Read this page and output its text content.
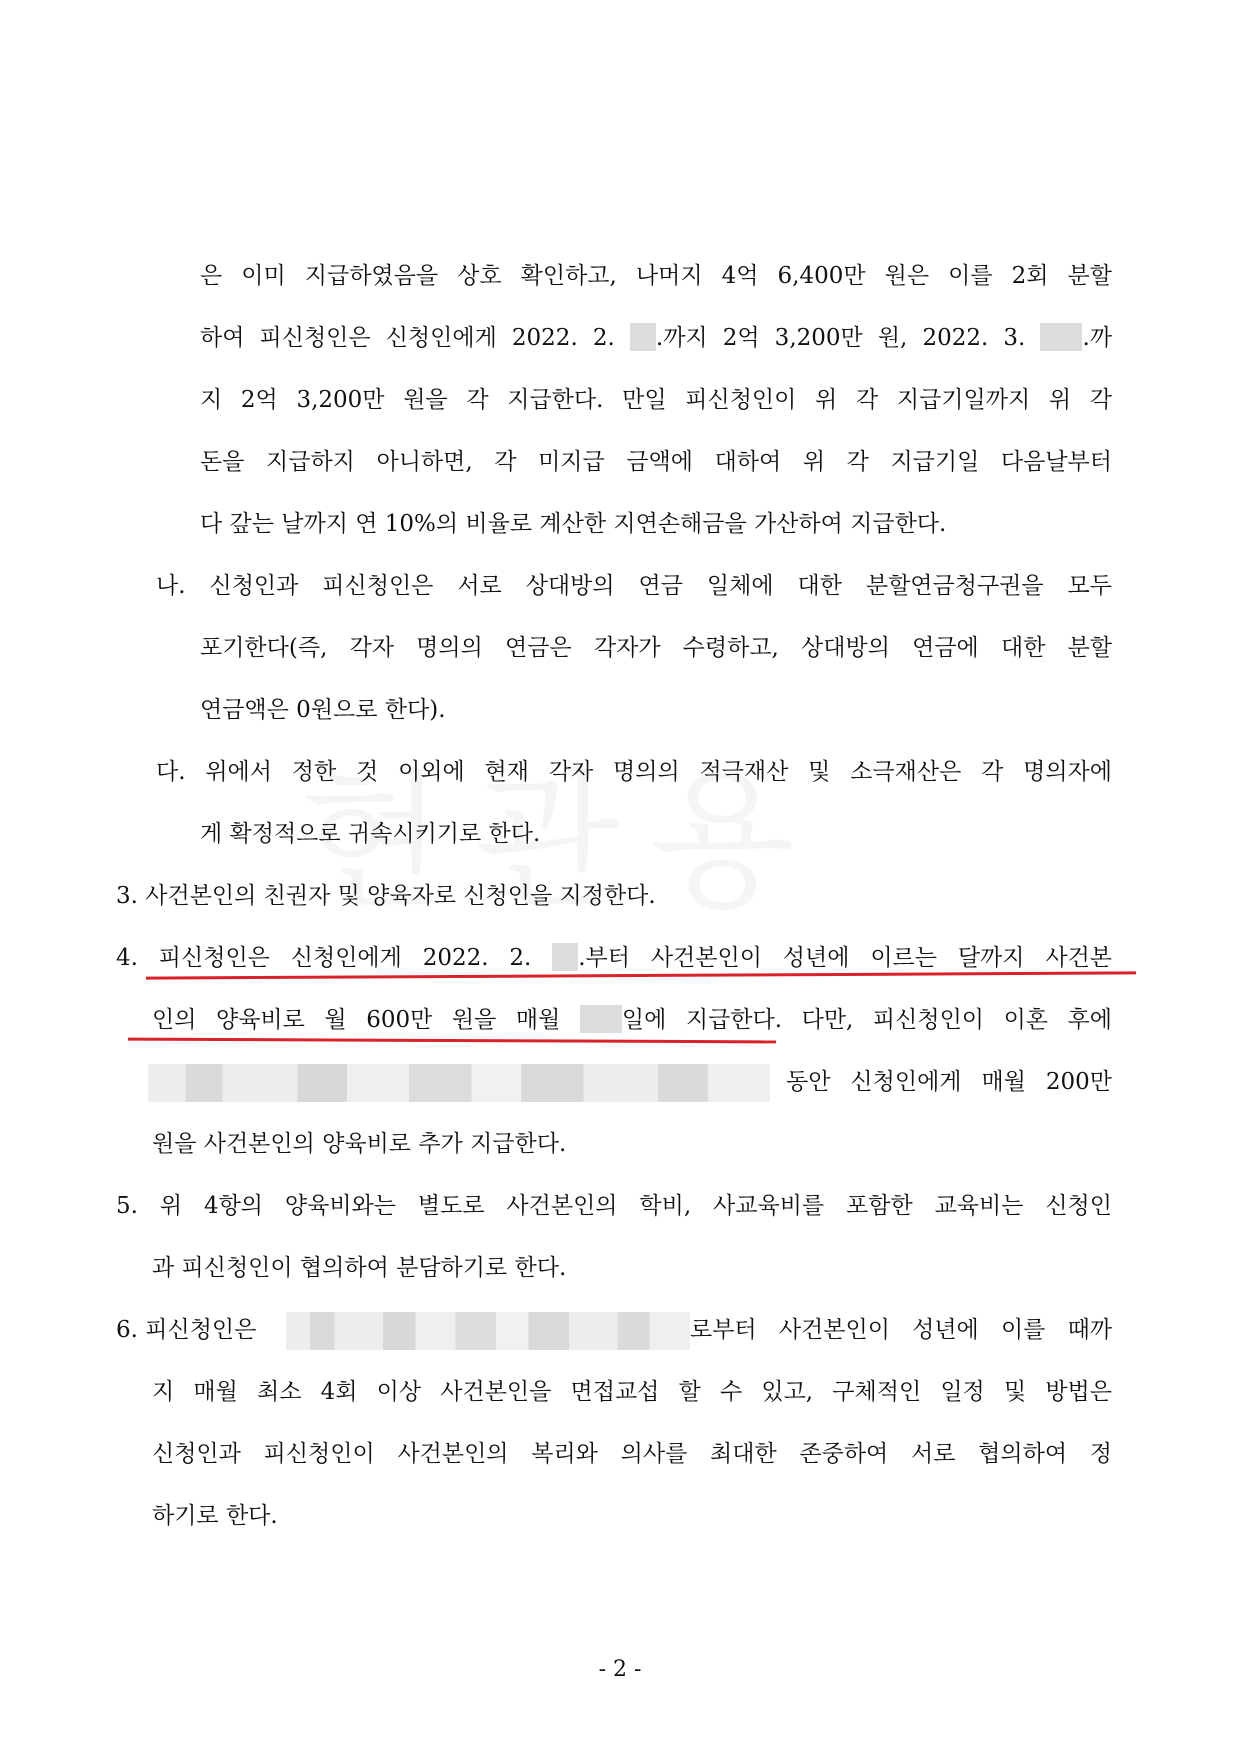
은 이미 지급하였음을 상호 확인하고, 나머지 4억 6,400만 원은 이를 2회 분할
하여 피신청인은 신청인에게 2022. 2. .까지 2억 3,200만 원, 2022. 3. .까
지 2억 3,200만 원을 각 지급한다. 만일 피신청인이 위 각 지급기일까지 위 각
돈을 지급하지 아니하면, 각 미지급 금액에 대하여 위 각 지급기일 다음날부터
다 갚는 날까지 연 10%의 비율로 계산한 지연손해금을 가산하여 지급한다.
나. 신청인과 피신청인은 서로 상대방의 연금 일체에 대한 분할연금청구권을 모두
포기한다(즉, 각자 명의의 연금은 각자가 수령하고, 상대방의 연금에 대한 분할
연금액은 0원으로 한다).
다. 위에서 정한 것 이외에 현재 각자 명의의 적극재산 및 소극재산은 각 명의자에
게 확정적으로 귀속시키기로 한다.
3. 사건본인의 친권자 및 양육자로 신청인을 지정한다.
4. 피신청인은 신청인에게 2022. 2. .부터 사건본인이 성년에 이르는 달까지 사건본
인의 양육비로 월 600만 원을 매월 일에 지급한다. 다만, 피신청인이 이혼 후에
동안 신청인에게 매월 200만
원을 사건본인의 양육비로 추가 지급한다.
5. 위 4항의 양육비와는 별도로 사건본인의 학비, 사교육비를 포함한 교육비는 신청인
과 피신청인이 협의하여 분담하기로 한다.
6. 피신청인은	로부터 사건본인이 성년에 이를 때까
지 매월 최소 4회 이상 사건본인을 면접교섭 할 수 있고, 구체적인 일정 및 방법은
신청인과 피신청인이 사건본인의 복리와 의사를 최대한 존중하여 서로 협의하여 정
하기로 한다.
- 2 -
